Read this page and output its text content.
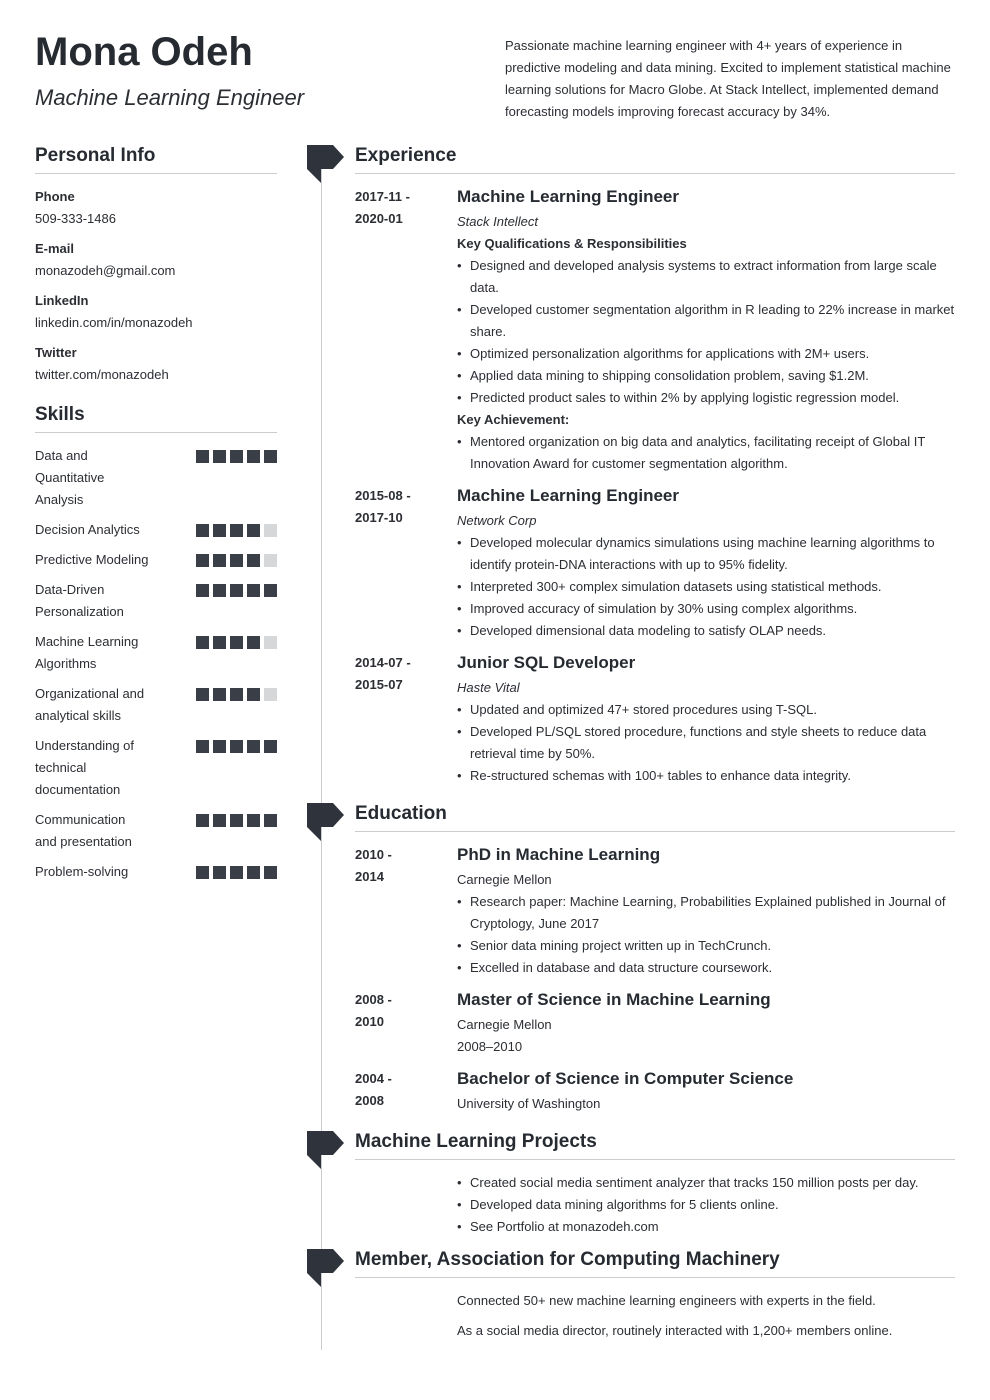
Mona Odeh
Machine Learning Engineer
Passionate machine learning engineer with 4+ years of experience in predictive modeling and data mining. Excited to implement statistical machine learning solutions for Macro Globe. At Stack Intellect, implemented demand forecasting models improving forecast accuracy by 34%.
Personal Info
Phone
509-333-1486
E-mail
monazodeh@gmail.com
LinkedIn
linkedin.com/in/monazodeh
Twitter
twitter.com/monazodeh
Skills
Data and Quantitative Analysis
Decision Analytics
Predictive Modeling
Data-Driven Personalization
Machine Learning Algorithms
Organizational and analytical skills
Understanding of technical documentation
Communication and presentation
Problem-solving
Experience
2017-11 -
2020-01
Machine Learning Engineer
Stack Intellect
Key Qualifications & Responsibilities
• Designed and developed analysis systems to extract information from large scale data.
• Developed customer segmentation algorithm in R leading to 22% increase in market share.
• Optimized personalization algorithms for applications with 2M+ users.
• Applied data mining to shipping consolidation problem, saving $1.2M.
• Predicted product sales to within 2% by applying logistic regression model.
Key Achievement:
• Mentored organization on big data and analytics, facilitating receipt of Global IT Innovation Award for customer segmentation algorithm.
2015-08 -
2017-10
Machine Learning Engineer
Network Corp
• Developed molecular dynamics simulations using machine learning algorithms to identify protein-DNA interactions with up to 95% fidelity.
• Interpreted 300+ complex simulation datasets using statistical methods.
• Improved accuracy of simulation by 30% using complex algorithms.
• Developed dimensional data modeling to satisfy OLAP needs.
2014-07 -
2015-07
Junior SQL Developer
Haste Vital
• Updated and optimized 47+ stored procedures using T-SQL.
• Developed PL/SQL stored procedure, functions and style sheets to reduce data retrieval time by 50%.
• Re-structured schemas with 100+ tables to enhance data integrity.
Education
2010 -
2014
PhD in Machine Learning
Carnegie Mellon
• Research paper: Machine Learning, Probabilities Explained published in Journal of Cryptology, June 2017
• Senior data mining project written up in TechCrunch.
• Excelled in database and data structure coursework.
2008 -
2010
Master of Science in Machine Learning
Carnegie Mellon
2008–2010
2004 -
2008
Bachelor of Science in Computer Science
University of Washington
Machine Learning Projects
• Created social media sentiment analyzer that tracks 150 million posts per day.
• Developed data mining algorithms for 5 clients online.
• See Portfolio at monazodeh.com
Member, Association for Computing Machinery
Connected 50+ new machine learning engineers with experts in the field.
As a social media director, routinely interacted with 1,200+ members online.
